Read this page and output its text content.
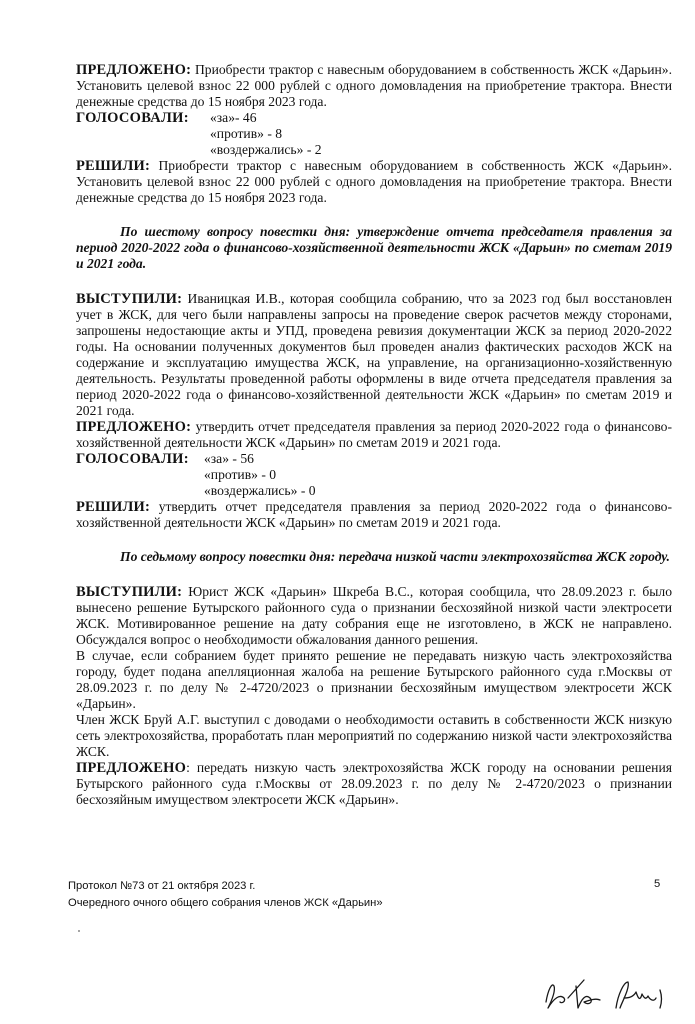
ПРЕДЛОЖЕНО: Приобрести трактор с навесным оборудованием в собственность ЖСК «Дарьин». Установить целевой взнос 22 000 рублей с одного домовладения на приобретение трактора. Внести денежные средства до 15 ноября 2023 года.

ГОЛОСОВАЛИ: «за»- 46
«против» - 8
«воздержались» - 2

РЕШИЛИ: Приобрести трактор с навесным оборудованием в собственность ЖСК «Дарьин». Установить целевой взнос 22 000 рублей с одного домовладения на приобретение трактора. Внести денежные средства до 15 ноября 2023 года.

По шестому вопросу повестки дня: утверждение отчета председателя правления за период 2020-2022 года о финансово-хозяйственной деятельности ЖСК «Дарьин» по сметам 2019 и 2021 года.

ВЫСТУПИЛИ: Иваницкая И.В., которая сообщила собранию, что за 2023 год был восстановлен учет в ЖСК, для чего были направлены запросы на проведение сверок расчетов между сторонами, запрошены недостающие акты и УПД, проведена ревизия документации ЖСК за период 2020-2022 годы. На основании полученных документов был проведен анализ фактических расходов ЖСК на содержание и эксплуатацию имущества ЖСК, на управление, на организационно-хозяйственную деятельность. Результаты проведенной работы оформлены в виде отчета председателя правления за период 2020-2022 года о финансово-хозяйственной деятельности ЖСК «Дарьин» по сметам 2019 и 2021 года.

ПРЕДЛОЖЕНО: утвердить отчет председателя правления за период 2020-2022 года о финансово-хозяйственной деятельности ЖСК «Дарьин» по сметам 2019 и 2021 года.

ГОЛОСОВАЛИ: «за» - 56
«против» - 0
«воздержались» - 0

РЕШИЛИ: утвердить отчет председателя правления за период 2020-2022 года о финансово-хозяйственной деятельности ЖСК «Дарьин» по сметам 2019 и 2021 года.

По седьмому вопросу повестки дня: передача низкой части электрохозяйства ЖСК городу.

ВЫСТУПИЛИ: Юрист ЖСК «Дарьин» Шкреба В.С., которая сообщила, что 28.09.2023 г. было вынесено решение Бутырского районного суда о признании бесхозяйной низкой части электросети ЖСК. Мотивированное решение на дату собрания еще не изготовлено, в ЖСК не направлено. Обсуждался вопрос о необходимости обжалования данного решения.

В случае, если собранием будет принято решение не передавать низкую часть электрохозяйства городу, будет подана апелляционная жалоба на решение Бутырского районного суда г.Москвы от 28.09.2023 г. по делу № 2-4720/2023 о признании бесхозяйным имуществом электросети ЖСК «Дарьин».

Член ЖСК Бруй А.Г. выступил с доводами о необходимости оставить в собственности ЖСК низкую сеть электрохозяйства, проработать план мероприятий по содержанию низкой части электрохозяйства ЖСК.

ПРЕДЛОЖЕНО: передать низкую часть электрохозяйства ЖСК городу на основании решения Бутырского районного суда г.Москвы от 28.09.2023 г. по делу № 2-4720/2023 о признании бесхозяйным имуществом электросети ЖСК «Дарьин».

Протокол №73 от 21 октября 2023 г.
Очередного очного общего собрания членов ЖСК «Дарьин»
5
